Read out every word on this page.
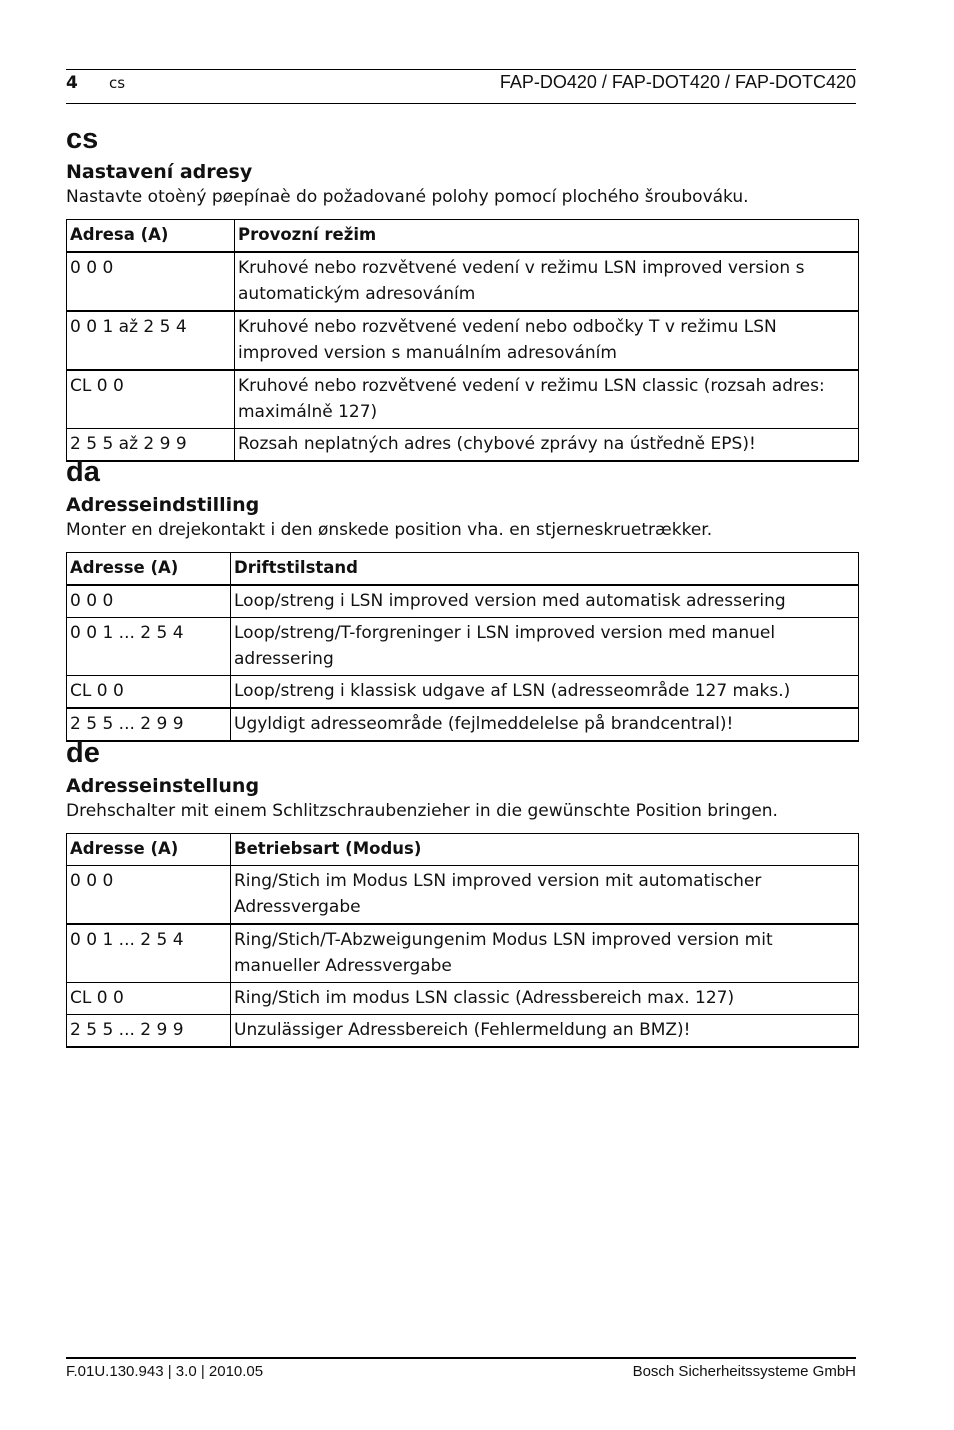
4 cs	FAP-DO420 / FAP-DOT420 / FAP-DOTC420
cs
Nastavení adresy
Nastavte otoèný pøepínaè do požadované polohy pomocí plochého šroubováku.
Adresa (A)	Provozní režim
0 0 0	Kruhové nebo rozvětvené vedení v režimu LSN improved version s automatickým adresováním
0 0 1 až 2 5 4	Kruhové nebo rozvětvené vedení nebo odbočky T v režimu LSN improved version s manuálním adresováním
CL 0 0	Kruhové nebo rozvětvené vedení v režimu LSN classic (rozsah adres: maximálně 127)
2 5 5 až 2 9 9	Rozsah neplatných adres (chybové zprávy na ústředně EPS)!
da
Adresseindstilling
Monter en drejekontakt i den ønskede position vha. en stjerneskruetrækker.
Adresse (A)	Driftstilstand
0 0 0	Loop/streng i LSN improved version med automatisk adressering
0 0 1 ... 2 5 4	Loop/streng/T-forgreninger i LSN improved version med manuel adressering
CL 0 0	Loop/streng i klassisk udgave af LSN (adresseområde 127 maks.)
2 5 5 ... 2 9 9	Ugyldigt adresseområde (fejlmeddelelse på brandcentral)!
de
Adresseinstellung
Drehschalter mit einem Schlitzschraubenzieher in die gewünschte Position bringen.
Adresse (A)	Betriebsart (Modus)
0 0 0	Ring/Stich im Modus LSN improved version mit automatischer Adressvergabe
0 0 1 ... 2 5 4	Ring/Stich/T-Abzweigungenim Modus LSN improved version mit manueller Adressvergabe
CL 0 0	Ring/Stich im modus LSN classic (Adressbereich max. 127)
2 5 5 ... 2 9 9	Unzulässiger Adressbereich (Fehlermeldung an BMZ)!
F.01U.130.943 | 3.0 | 2010.05	Bosch Sicherheitssysteme GmbH
